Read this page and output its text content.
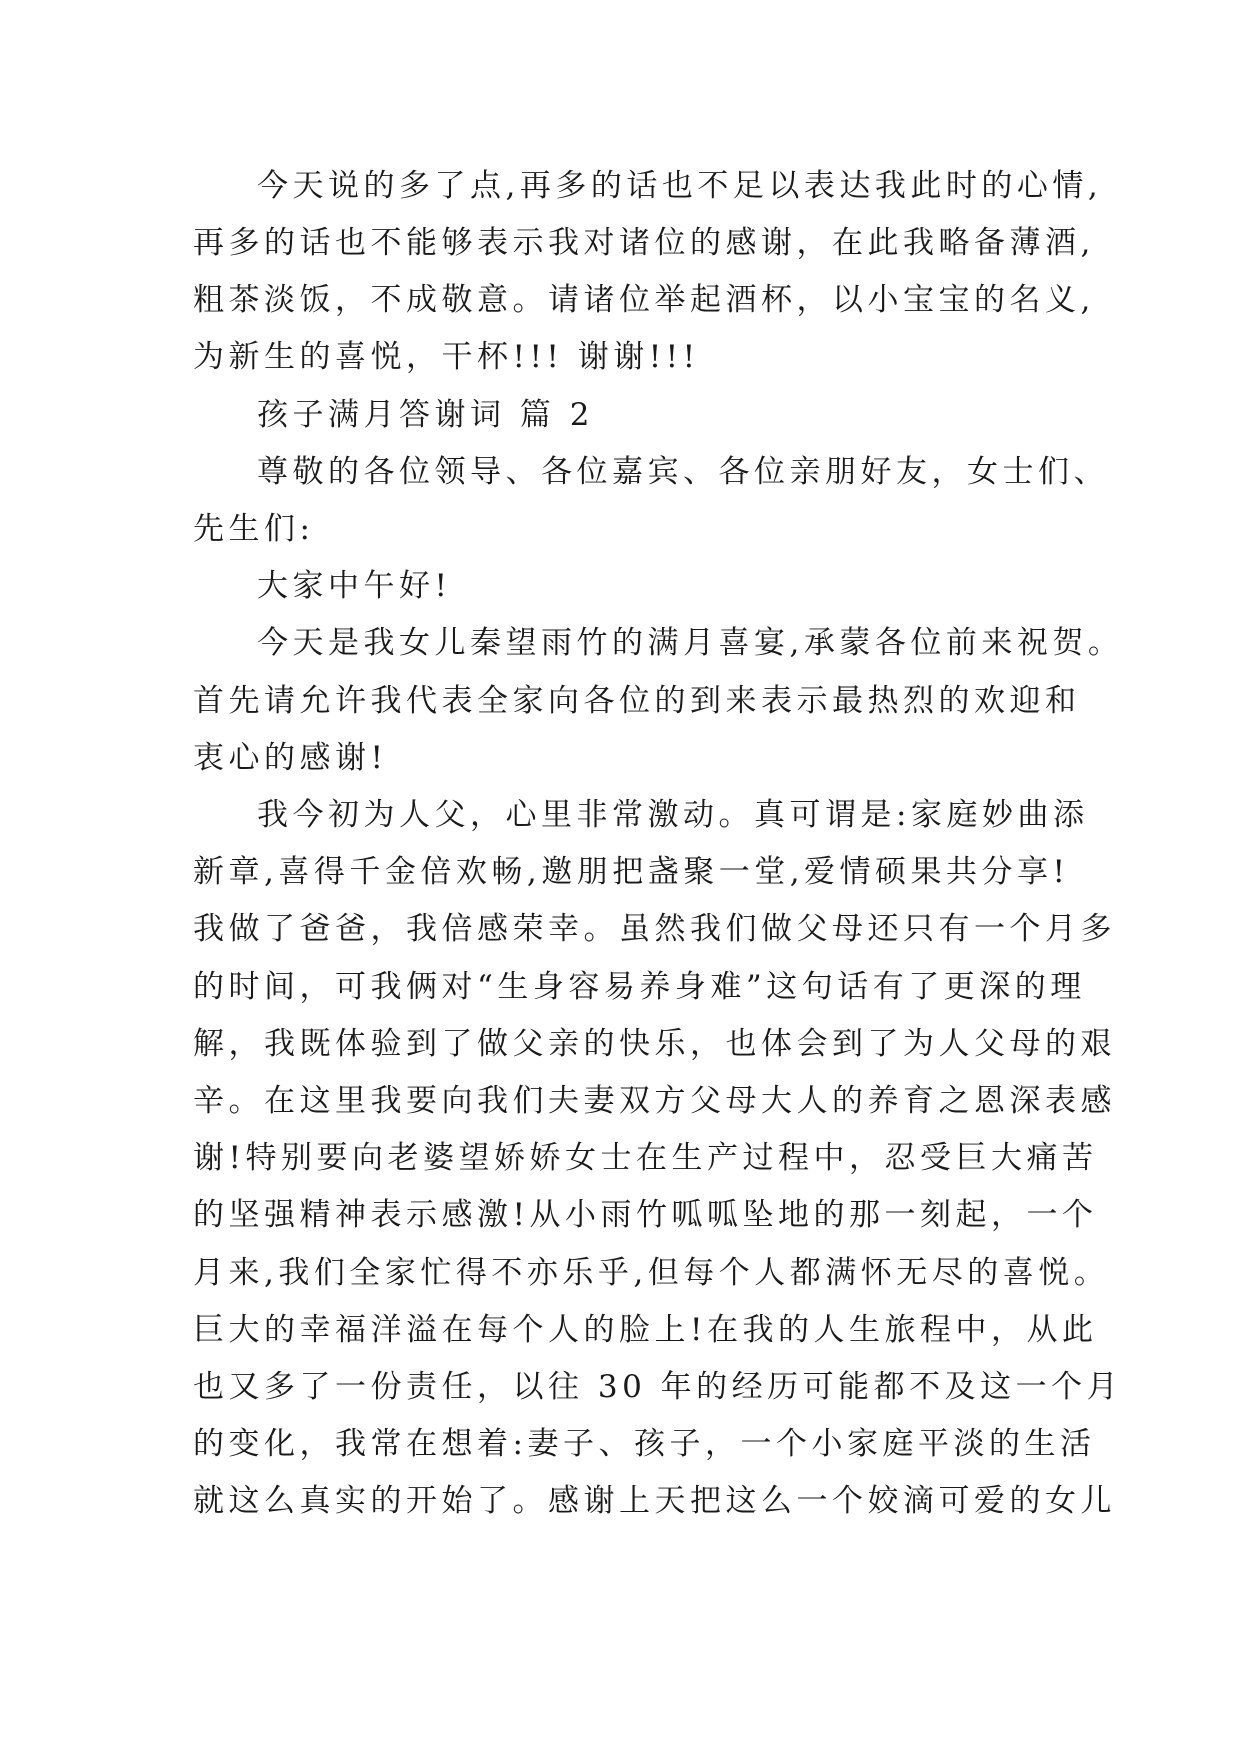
今天说的多了点,再多的话也不足以表达我此时的心情,
再多的话也不能够表示我对诸位的感谢，在此我略备薄酒,
粗茶淡饭，不成敬意。请诸位举起酒杯，以小宝宝的名义,
为新生的喜悦，干杯!!! 谢谢!!!
孩子满月答谢词 篇 2
尊敬的各位领导、各位嘉宾、各位亲朋好友，女士们、
先生们:
大家中午好!
今天是我女儿秦望雨竹的满月喜宴,承蒙各位前来祝贺。
首先请允许我代表全家向各位的到来表示最热烈的欢迎和
衷心的感谢!
我今初为人父，心里非常激动。真可谓是:家庭妙曲添
新章,喜得千金倍欢畅,邀朋把盏聚一堂,爱情硕果共分享!
我做了爸爸，我倍感荣幸。虽然我们做父母还只有一个月多
的时间，可我俩对“生身容易养身难”这句话有了更深的理
解，我既体验到了做父亲的快乐，也体会到了为人父母的艰
辛。在这里我要向我们夫妻双方父母大人的养育之恩深表感
谢!特别要向老婆望娇娇女士在生产过程中，忍受巨大痛苦
的坚强精神表示感激!从小雨竹呱呱坠地的那一刻起，一个
月来,我们全家忙得不亦乐乎,但每个人都满怀无尽的喜悦。
巨大的幸福洋溢在每个人的脸上!在我的人生旅程中，从此
也又多了一份责任，以往 30 年的经历可能都不及这一个月
的变化，我常在想着:妻子、孩子，一个小家庭平淡的生活
就这么真实的开始了。感谢上天把这么一个姣滴可爱的女儿
